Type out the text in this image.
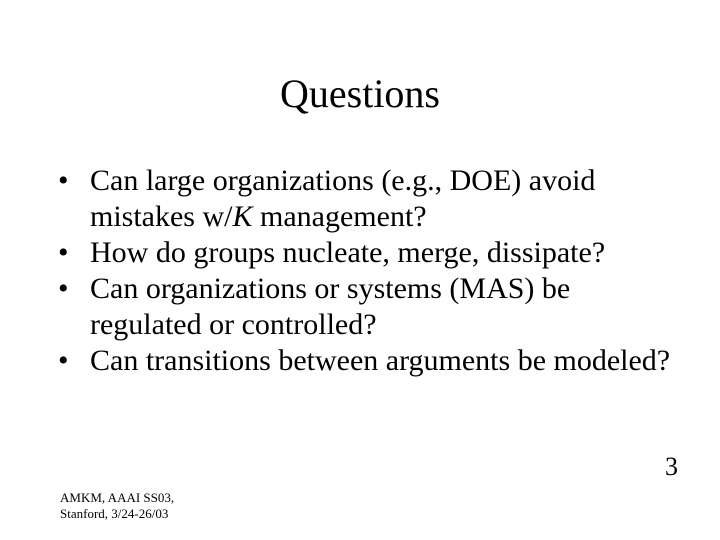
Questions
• Can large organizations (e.g., DOE) avoid mistakes w/K management?
• How do groups nucleate, merge, dissipate?
• Can organizations or systems (MAS) be regulated or controlled?
• Can transitions between arguments be modeled?
3
AMKM, AAAI SS03,
Stanford, 3/24-26/03
